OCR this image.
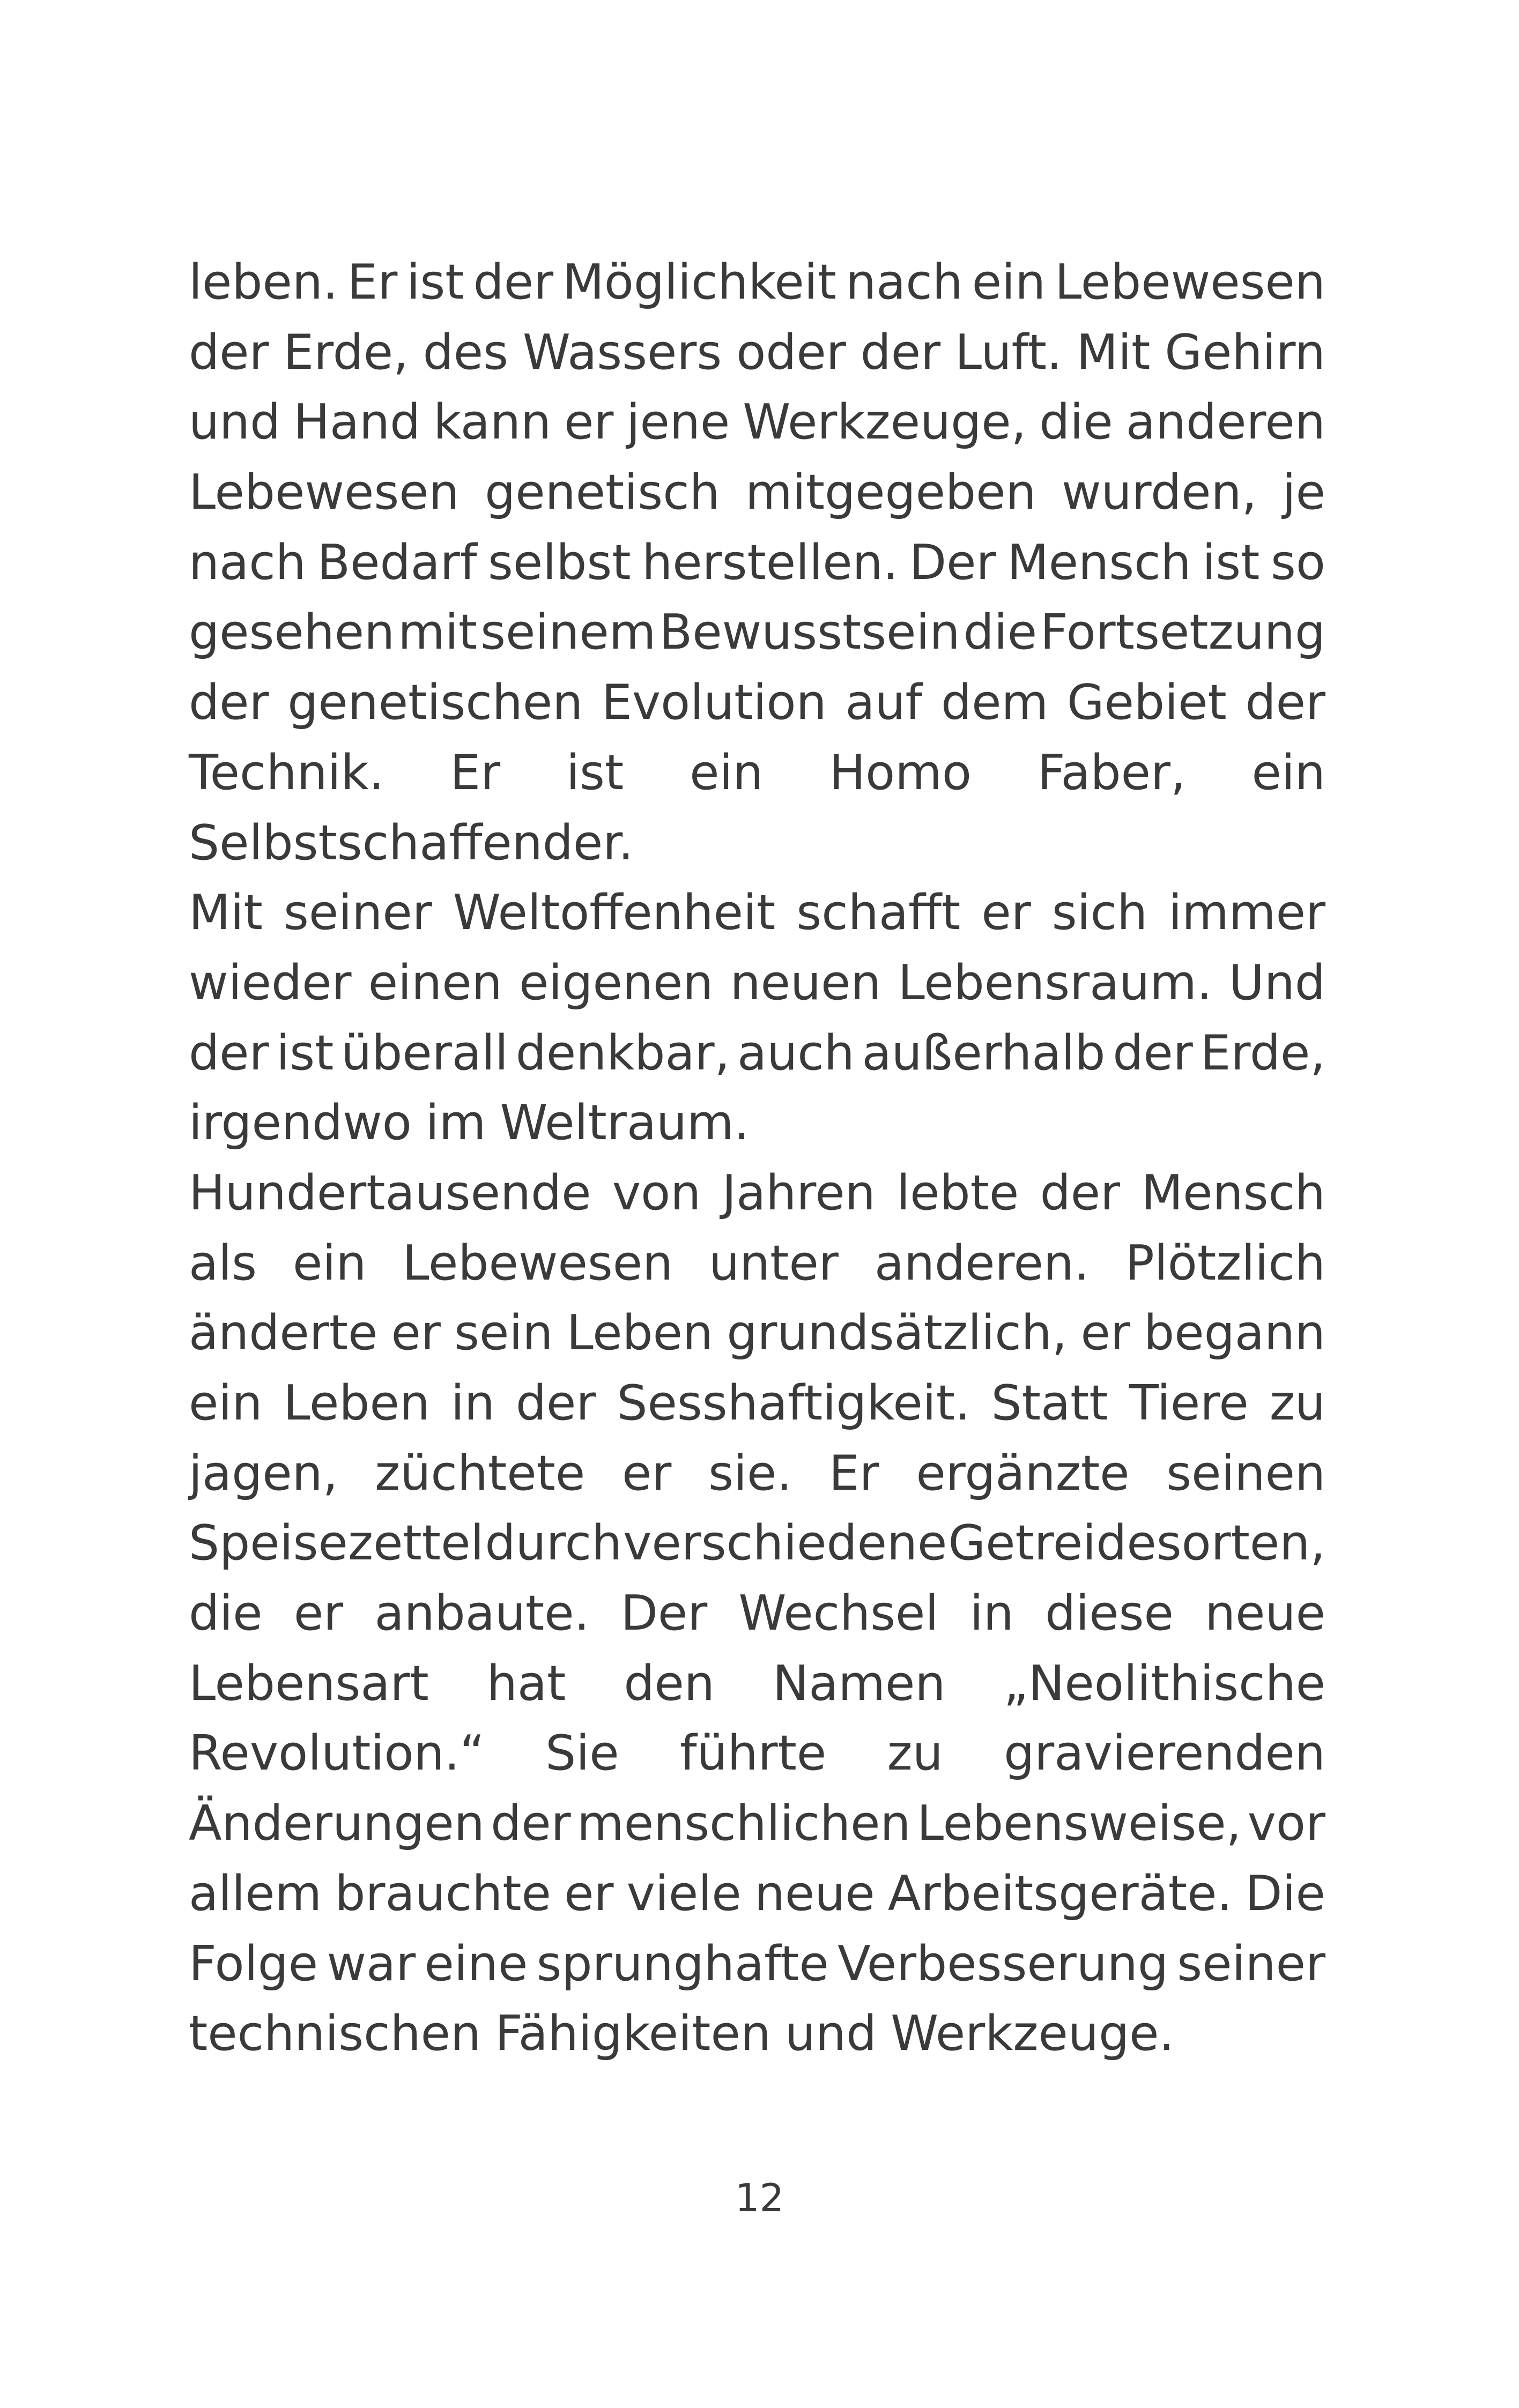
leben. Er ist der Möglichkeit nach ein Lebewesen
der Erde, des Wassers oder der Luft. Mit Gehirn
und Hand kann er jene Werkzeuge, die anderen
Lebewesen genetisch mitgegeben wurden, je
nach Bedarf selbst herstellen. Der Mensch ist so
gesehen mit seinem Bewusstsein die Fortsetzung
der genetischen Evolution auf dem Gebiet der
Technik. Er ist ein Homo Faber, ein
Selbstschaffender.
Mit seiner Weltoffenheit schafft er sich immer
wieder einen eigenen neuen Lebensraum. Und
der ist überall denkbar, auch außerhalb der Erde,
irgendwo im Weltraum.
Hundertausende von Jahren lebte der Mensch
als ein Lebewesen unter anderen. Plötzlich
änderte er sein Leben grundsätzlich, er begann
ein Leben in der Sesshaftigkeit. Statt Tiere zu
jagen, züchtete er sie. Er ergänzte seinen
Speisezettel durch verschiedene Getreidesorten,
die er anbaute. Der Wechsel in diese neue
Lebensart hat den Namen „Neolithische
Revolution.“ Sie führte zu gravierenden
Änderungen der menschlichen Lebensweise, vor
allem brauchte er viele neue Arbeitsgeräte. Die
Folge war eine sprunghafte Verbesserung seiner
technischen Fähigkeiten und Werkzeuge.
12
